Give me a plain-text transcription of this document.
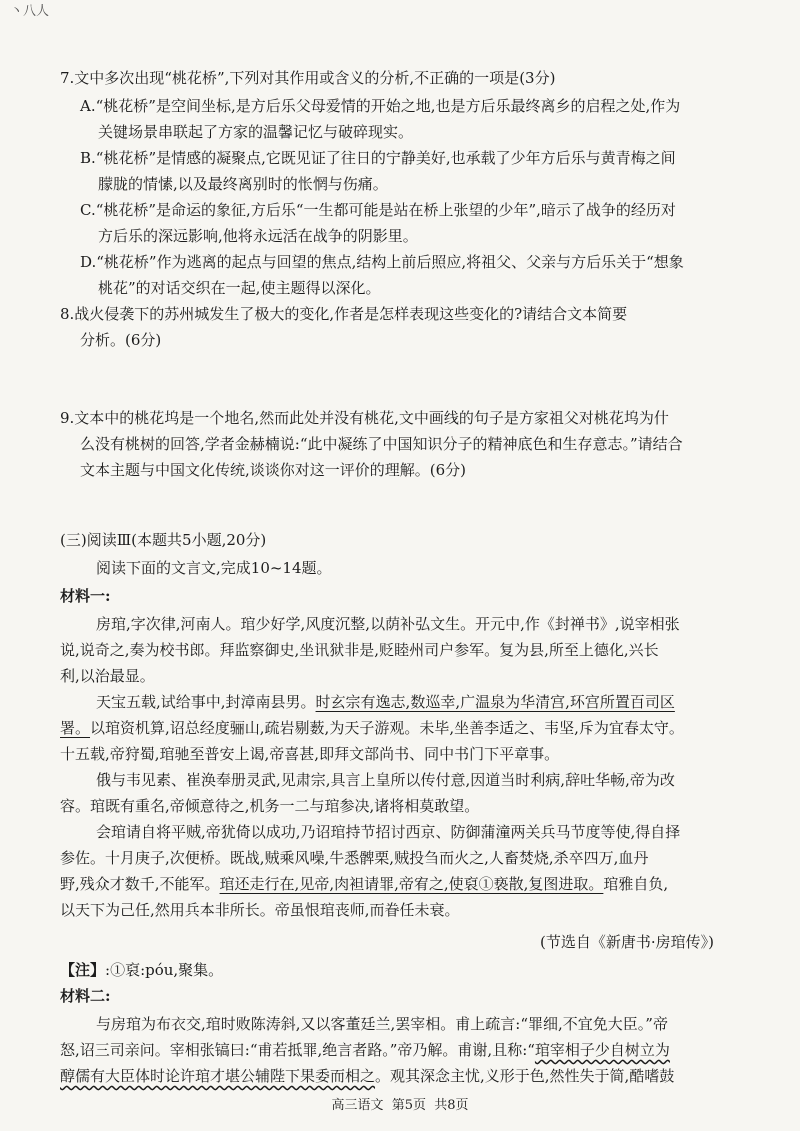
丶八人
7.文中多次出现“桃花桥”,下列对其作用或含义的分析,不正确的一项是(3分)
A.“桃花桥”是空间坐标,是方后乐父母爱情的开始之地,也是方后乐最终离乡的启程之处,作为
关键场景串联起了方家的温馨记忆与破碎现实。
B.“桃花桥”是情感的凝聚点,它既见证了往日的宁静美好,也承载了少年方后乐与黄青梅之间
朦胧的情愫,以及最终离别时的怅惘与伤痛。
C.“桃花桥”是命运的象征,方后乐“一生都可能是站在桥上张望的少年”,暗示了战争的经历对
方后乐的深远影响,他将永远活在战争的阴影里。
D.“桃花桥”作为逃离的起点与回望的焦点,结构上前后照应,将祖父、父亲与方后乐关于“想象
桃花”的对话交织在一起,使主题得以深化。
8.战火侵袭下的苏州城发生了极大的变化,作者是怎样表现这些变化的?请结合文本简要
分析。(6分)
9.文本中的桃花坞是一个地名,然而此处并没有桃花,文中画线的句子是方家祖父对桃花坞为什
么没有桃树的回答,学者金赫楠说:“此中凝练了中国知识分子的精神底色和生存意志。”请结合
文本主题与中国文化传统,谈谈你对这一评价的理解。(6分)
(三)阅读Ⅲ(本题共5小题,20分)
阅读下面的文言文,完成10~14题。
材料一:
房琯,字次律,河南人。琯少好学,风度沉整,以荫补弘文生。开元中,作《封禅书》,说宰相张
说,说奇之,奏为校书郎。拜监察御史,坐讯狱非是,贬睦州司户参军。复为县,所至上德化,兴长
利,以治最显。
天宝五载,试给事中,封漳南县男。时玄宗有逸志,数巡幸,广温泉为华清宫,环宫所置百司区
署。以琯资机算,诏总经度骊山,疏岩剔薮,为天子游观。未毕,坐善李适之、韦坚,斥为宜春太守。
十五载,帝狩蜀,琯驰至普安上谒,帝喜甚,即拜文部尚书、同中书门下平章事。
俄与韦见素、崔涣奉册灵武,见肃宗,具言上皇所以传付意,因道当时利病,辞吐华畅,帝为改
容。琯既有重名,帝倾意待之,机务一二与琯参决,诸将相莫敢望。
会琯请自将平贼,帝犹倚以成功,乃诏琯持节招讨西京、防御蒲潼两关兵马节度等使,得自择
参佐。十月庚子,次便桥。既战,贼乘风噪,牛悉髀栗,贼投刍而火之,人畜焚烧,杀卒四万,血丹
野,残众才数千,不能军。琯还走行在,见帝,肉袒请罪,帝宥之,使裒①亵散,复图进取。琯雅自负,
以天下为己任,然用兵本非所长。帝虽恨琯丧师,而眷任未衰。
(节选自《新唐书·房琯传》)
【注】:①裒:póu,聚集。
材料二:
与房琯为布衣交,琯时败陈涛斜,又以客董廷兰,罢宰相。甫上疏言:“罪细,不宜免大臣。”帝
怒,诏三司亲问。宰相张镐曰:“甫若抵罪,绝言者路。”帝乃解。甫谢,且称:“琯宰相子少自树立为
醇儒有大臣体时论许琯才堪公辅陛下果委而相之。观其深念主忧,义形于色,然性失于简,酷嗜鼓
高三语文 第5页 共8页
